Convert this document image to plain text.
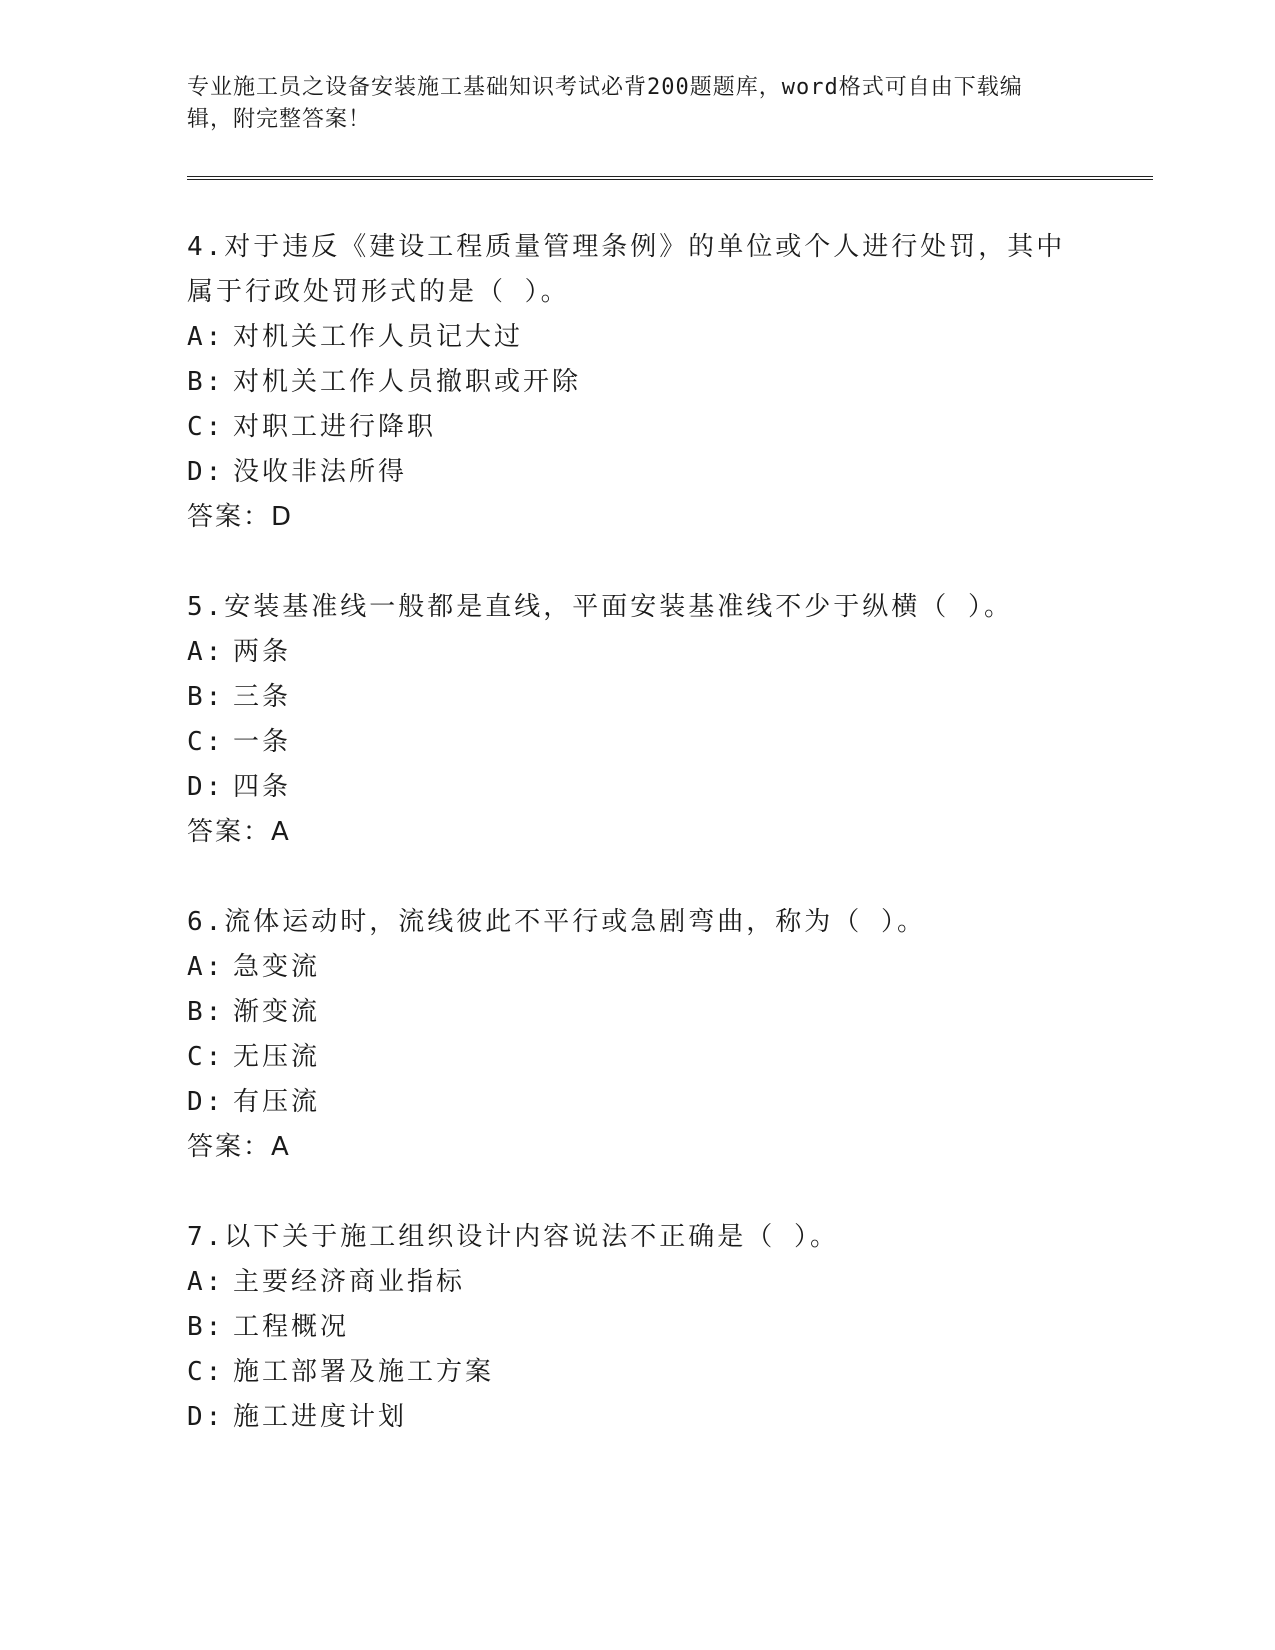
专业施工员之设备安装施工基础知识考试必背200题题库，word格式可自由下载编辑，附完整答案！
4.对于违反《建设工程质量管理条例》的单位或个人进行处罚，其中属于行政处罚形式的是（ ）。
A: 对机关工作人员记大过
B: 对机关工作人员撤职或开除
C: 对职工进行降职
D: 没收非法所得
答案：D
5.安装基准线一般都是直线，平面安装基准线不少于纵横（ ）。
A: 两条
B: 三条
C: 一条
D: 四条
答案：A
6.流体运动时，流线彼此不平行或急剧弯曲，称为（ ）。
A: 急变流
B: 渐变流
C: 无压流
D: 有压流
答案：A
7.以下关于施工组织设计内容说法不正确是（ ）。
A: 主要经济商业指标
B: 工程概况
C: 施工部署及施工方案
D: 施工进度计划
